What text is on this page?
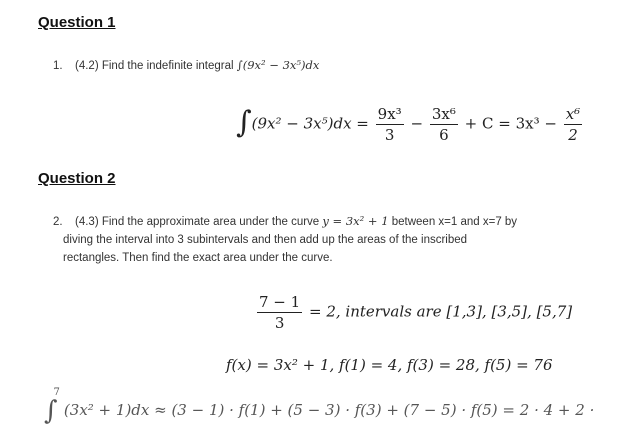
Question 1
1. (4.2) Find the indefinite integral ∫(9x² − 3x⁵)dx
$\int(9x^2 - 3x^5)dx = \frac{\text{9x³}}{3} - \frac{\text{3x⁶}}{6} + C = 3x^3 - \frac{\text{x⁶}}{2}$
Question 2
2. (4.3) Find the approximate area under the curve y = 3x² + 1 between x=1 and x=7 by
diving the interval into 3 subintervals and then add up the areas of the inscribed
rectangles. Then find the exact area under the curve.
$\frac{7 - 1}{3} = 2$, intervals are [1,3], [3,5], [5,7]
f(x) = 3x² + 1, f(1) = 4, f(3) = 28, f(5) = 76
∫$^7$(3x² + 1)dx ≈ (3 − 1) · f(1) + (5 − 3) · f(3) + (7 − 5) · f(5) = 2 · 4 + 2 ·
